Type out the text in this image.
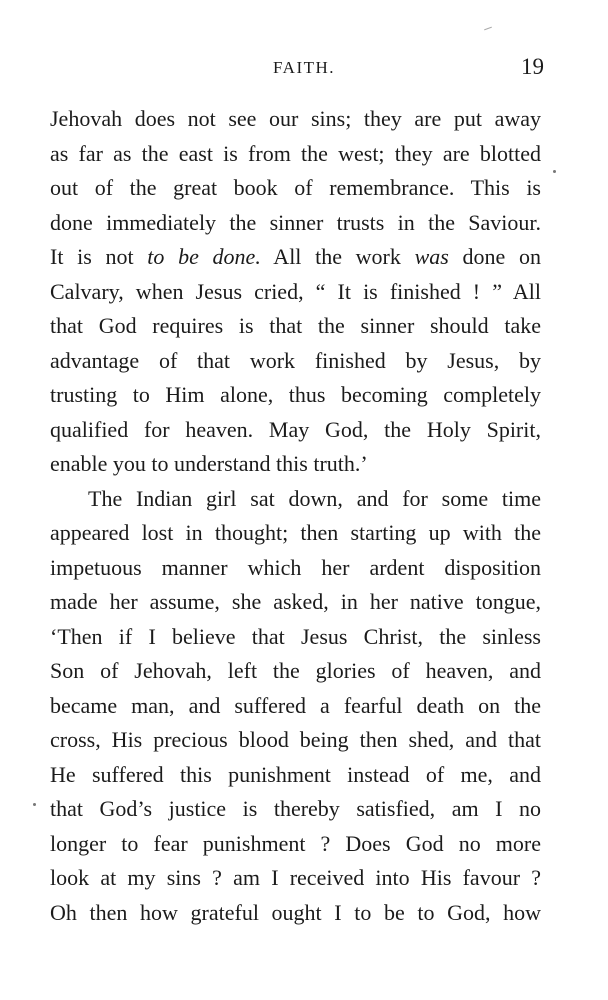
FAITH.	19
Jehovah does not see our sins; they are put away
as far as the east is from the west; they are blotted
out of the great book of remembrance. This is
done immediately the sinner trusts in the Saviour.
It is not to be done. All the work was done on
Calvary, when Jesus cried, “ It is finished ! ” All
that God requires is that the sinner should take
advantage of that work finished by Jesus, by
trusting to Him alone, thus becoming completely
qualified for heaven. May God, the Holy Spirit,
enable you to understand this truth.’
The Indian girl sat down, and for some time
appeared lost in thought; then starting up with the
impetuous manner which her ardent disposition
made her assume, she asked, in her native tongue,
‘Then if I believe that Jesus Christ, the sinless
Son of Jehovah, left the glories of heaven, and
became man, and suffered a fearful death on the
cross, His precious blood being then shed, and that
He suffered this punishment instead of me, and
that God’s justice is thereby satisfied, am I no
longer to fear punishment ? Does God no more
look at my sins ? am I received into His favour ?
Oh then how grateful ought I to be to God, how
